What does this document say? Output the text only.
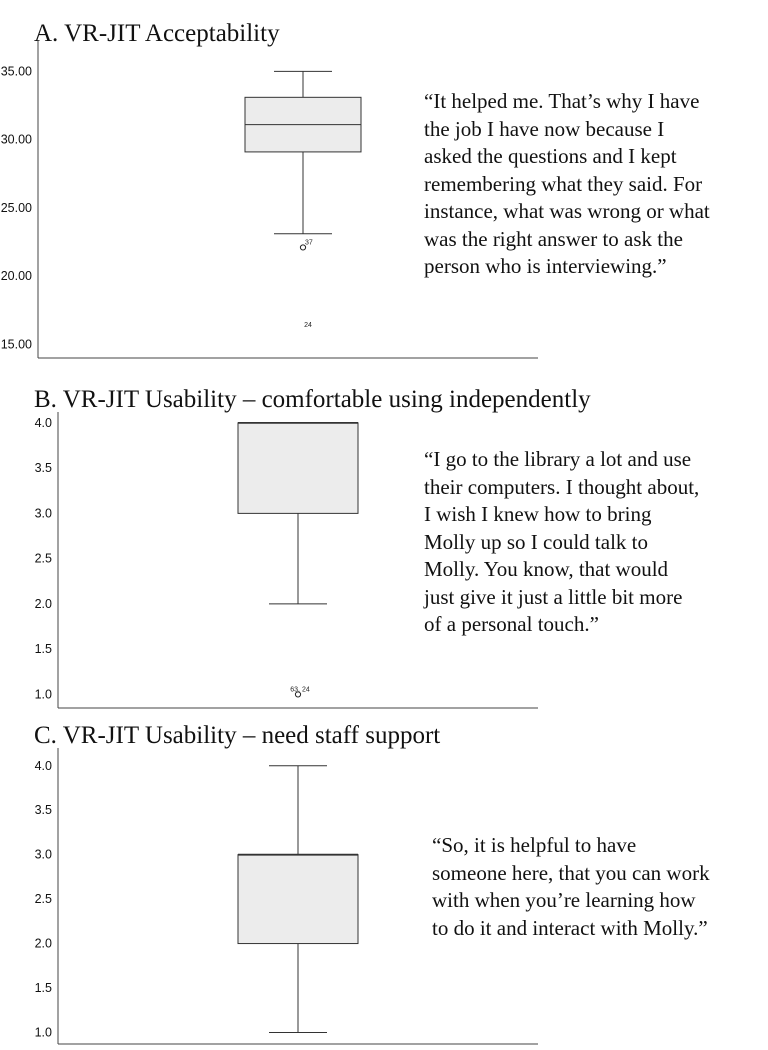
A. VR-JIT Acceptability
35.00
30.00
25.00
20.00
15.00
37
24
“It helped me. That’s why I have
the job I have now because I
asked the questions and I kept
remembering what they said. For
instance, what was wrong or what
was the right answer to ask the
person who is interviewing.”
B. VR-JIT Usability – comfortable using independently
4.0
3.5
3.0
2.5
2.0
1.5
1.0	63, 24
“I go to the library a lot and use
their computers. I thought about,
I wish I knew how to bring
Molly up so I could talk to
Molly. You know, that would
just give it just a little bit more
of a personal touch.”
C. VR-JIT Usability – need staff support
4.0
3.5
3.0
2.5
2.0
1.5
1.0
“So, it is helpful to have
someone here, that you can work
with when you’re learning how
to do it and interact with Molly.”
